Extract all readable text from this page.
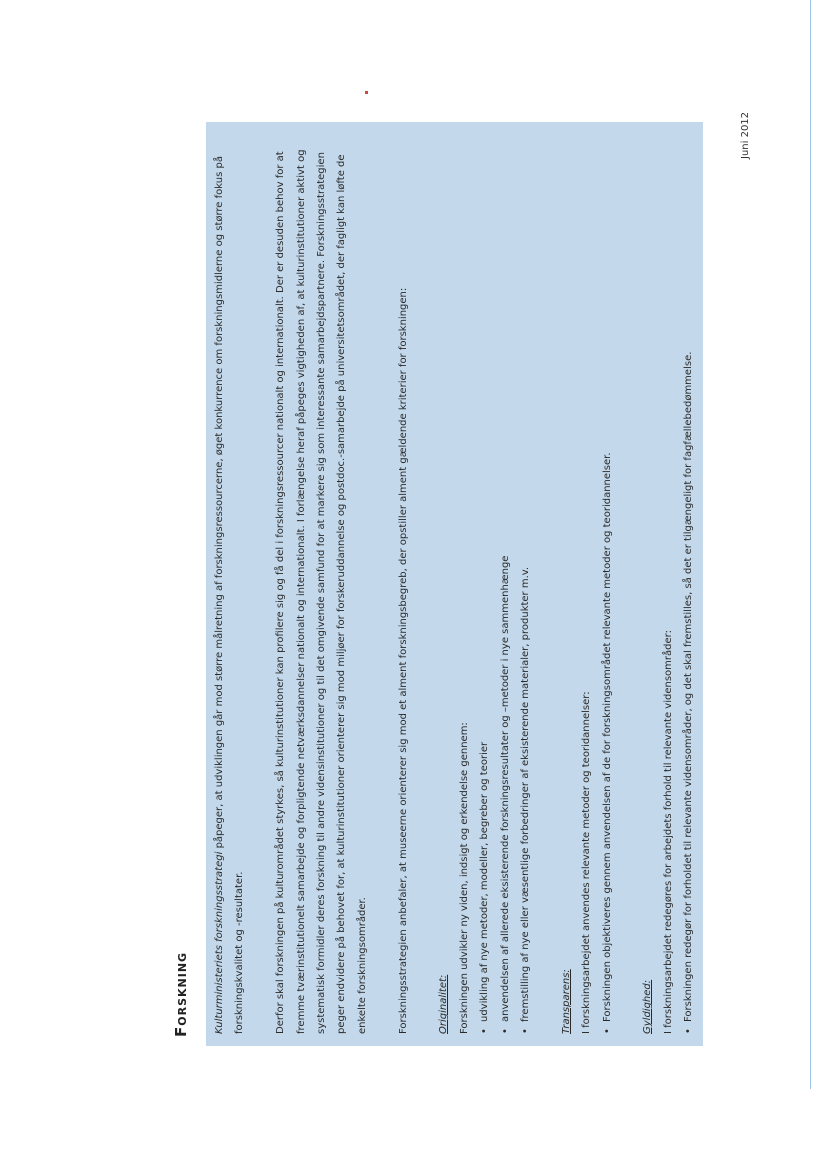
Forskning	Kulturministeriets forskningsstrategi påpeger, at udviklingen går mod større målretning af forskningsressourcerne, øget konkurrence om forskningsmidlerne og større fokus på forskningskvalitet og -resultater.	Derfor skal forskningen på kulturområdet styrkes, så kulturinstitutioner kan profilere sig og få del i forskningsressourcer nationalt og internationalt. Der er desuden behov for at fremme tværinstitutionelt samarbejde og forpligtende netværksdannelser nationalt og internationalt. I forlængelse heraf påpeges vigtigheden af, at kulturinstitutioner aktivt og systematisk formidler deres forskning til andre vidensinstitutioner og til det omgivende samfund for at markere sig som interessante samarbejdspartnere. Forskningsstrategien peger endvidere på behovet for, at kulturinstitutioner orienterer sig mod miljøer for forskeruddannelse og postdoc.-samarbejde på universitetsområdet, der fagligt kan løfte de enkelte forskningsområder.	Forskningsstrategien anbefaler, at museerne orienterer sig mod et alment forskningsbegreb, der opstiller alment gældende kriterier for forskningen:	Originalitet: Forskningen udvikler ny viden, indsigt og erkendelse gennem: • udvikling af nye metoder, modeller, begreber og teorier • anvendelsen af allerede eksisterende forskningsresultater og –metoder i nye sammenhænge • fremstilling af nye eller væsentlige forbedringer af eksisterende materialer, produkter m.v.	Transparens: I forskningsarbejdet anvendes relevante metoder og teoridannelser: • Forskningen objektiveres gennem anvendelsen af de for forskningsområdet relevante metoder og teoridannelser.	Gyldighed: I forskningsarbejdet redegøres for arbejdets forhold til relevante vidensområder: • Forskningen redegør for forholdet til relevante vidensområder, og det skal fremstilles, så det er tilgængeligt for fagfællebedømmelse.
Juni 2012
